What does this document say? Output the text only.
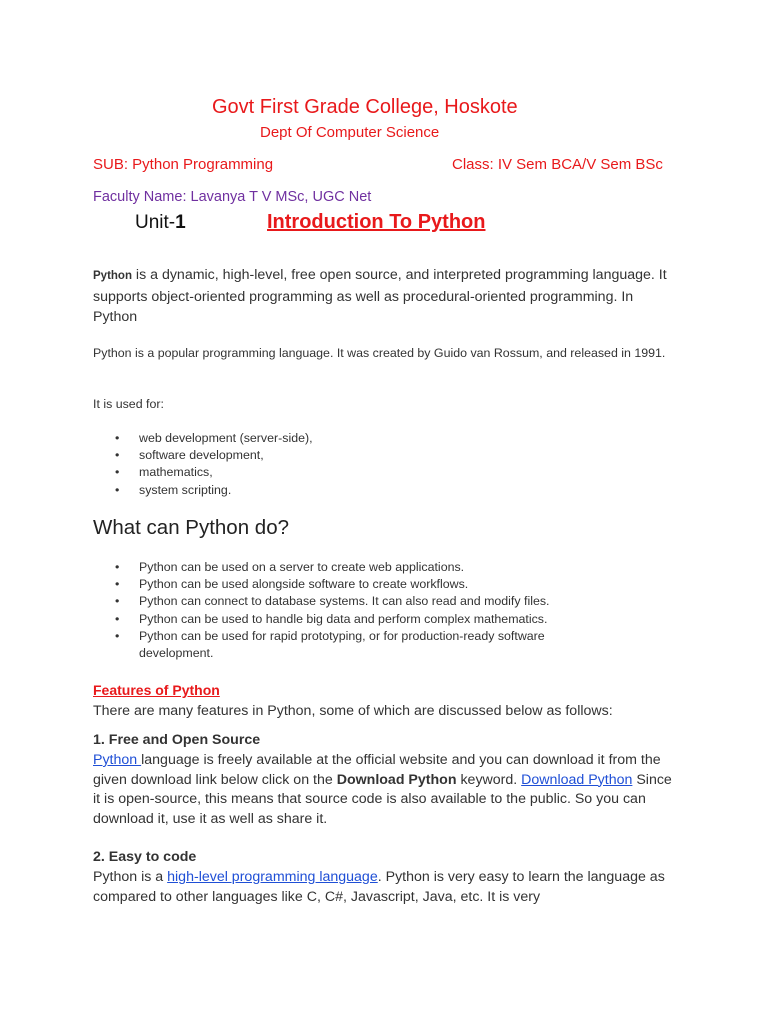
Govt First Grade College, Hoskote
Dept Of Computer Science
SUB: Python Programming	Class: IV Sem BCA/V Sem BSc
Faculty Name: Lavanya T V MSc, UGC Net
Unit-1	Introduction To Python
Python is a dynamic, high-level, free open source, and interpreted programming language. It supports object-oriented programming as well as procedural-oriented programming. In Python
Python is a popular programming language. It was created by Guido van Rossum, and released in 1991.
It is used for:
• web development (server-side),
• software development,
• mathematics,
• system scripting.
What can Python do?
• Python can be used on a server to create web applications.
• Python can be used alongside software to create workflows.
• Python can connect to database systems. It can also read and modify files.
• Python can be used to handle big data and perform complex mathematics.
• Python can be used for rapid prototyping, or for production-ready software development.
Features of Python
There are many features in Python, some of which are discussed below as follows:
1. Free and Open Source
Python language is freely available at the official website and you can download it from the given download link below click on the Download Python keyword. Download Python Since it is open-source, this means that source code is also available to the public. So you can download it, use it as well as share it.
2. Easy to code
Python is a high-level programming language. Python is very easy to learn the language as compared to other languages like C, C#, Javascript, Java, etc. It is very
